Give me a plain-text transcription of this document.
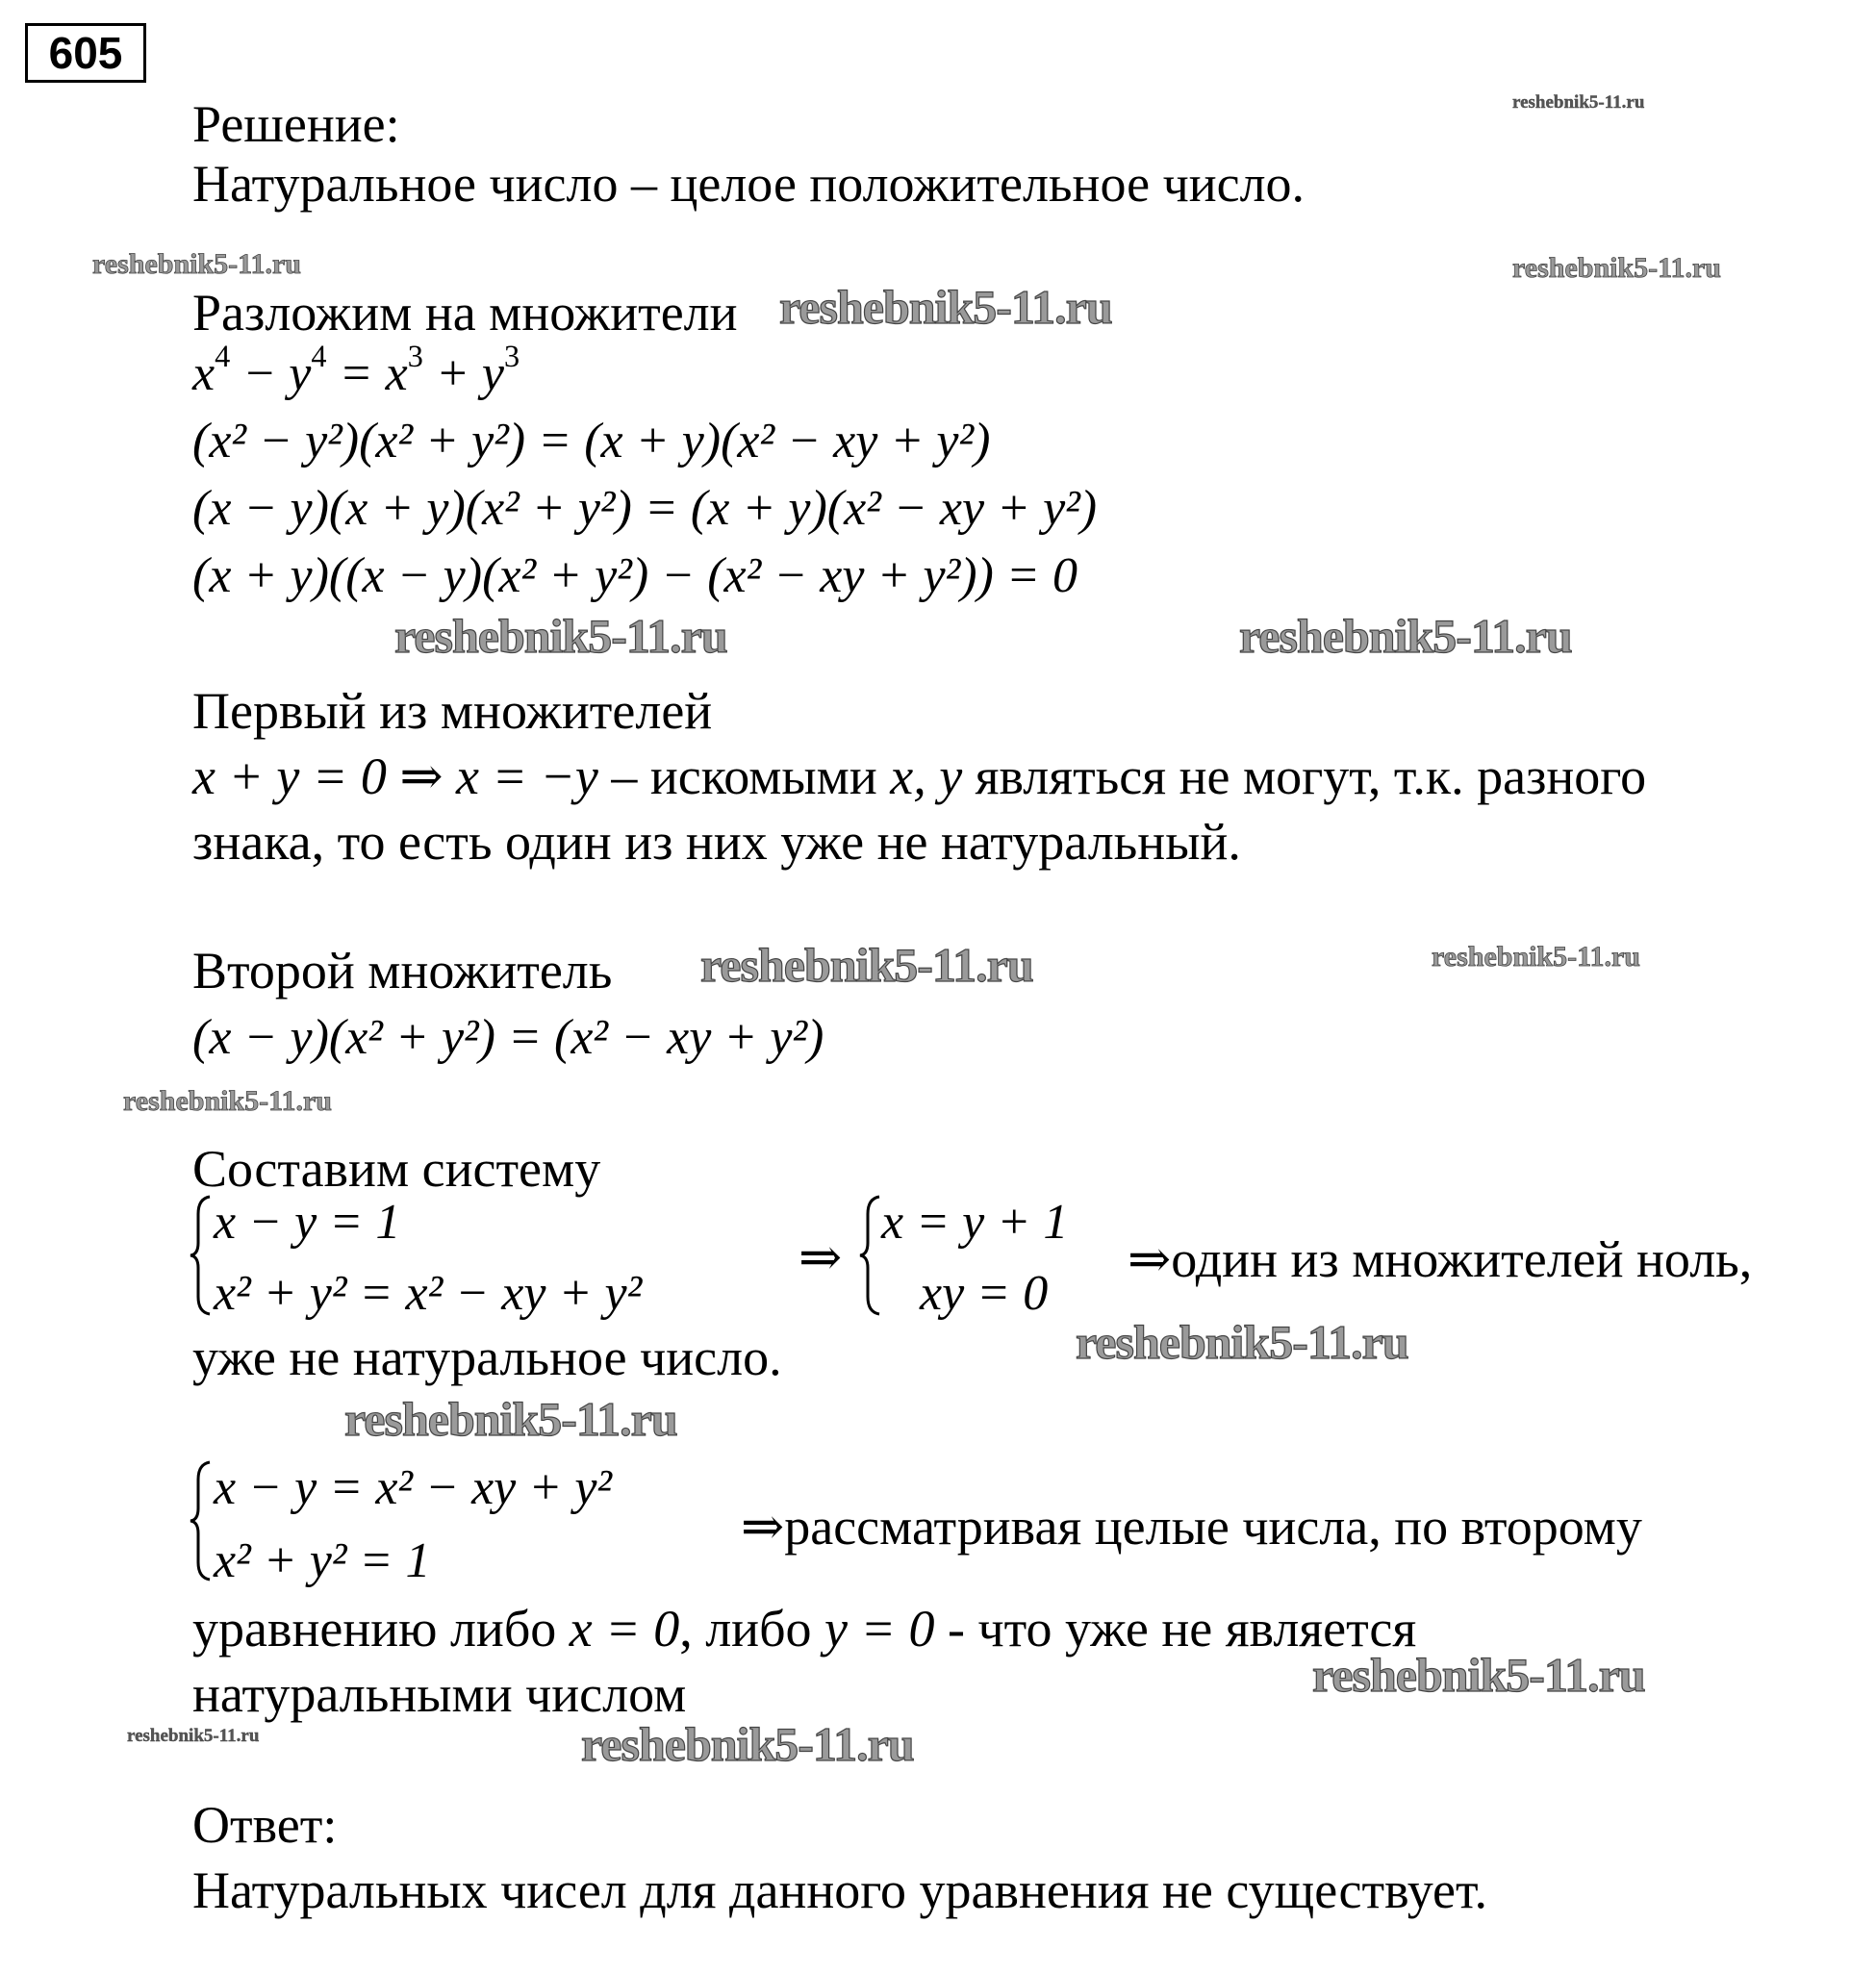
605
Решение:
Натуральное число – целое положительное число.
Разложим на множители
$x^4 - y^4 = x^3 + y^3$
(x² − y²)(x² + y²) = (x + y)(x² − xy + y²)
(x − y)(x + y)(x² + y²) = (x + y)(x² − xy + y²)
(x + y)((x − y)(x² + y²) − (x² − xy + y²)) = 0
Первый из множителей
x + y = 0 ⇒ x = −y – искомыми x, y являться не могут, т.к. разного
знака, то есть один из них уже не натуральный.
Второй множитель
(x − y)(x² + y²) = (x² − xy + y²)
Составим систему
x − y = 1
x² + y² = x² − xy + y²
⇒
x = y + 1
xy = 0
⇒один из множителей ноль,
уже не натуральное число.
x − y = x² − xy + y²
x² + y² = 1
⇒рассматривая целые числа, по второму
уравнению либо x = 0, либо y = 0 - что уже не является
натуральными числом
Ответ:
Натуральных чисел для данного уравнения не существует.
reshebnik5-11.ru
reshebnik5-11.ru	reshebnik5-11.ru
reshebnik5-11.ru
reshebnik5-11.ru	reshebnik5-11.ru
reshebnik5-11.ru	reshebnik5-11.ru
reshebnik5-11.ru
reshebnik5-11.ru
reshebnik5-11.ru
reshebnik5-11.ru
reshebnik5-11.ru	reshebnik5-11.ru
